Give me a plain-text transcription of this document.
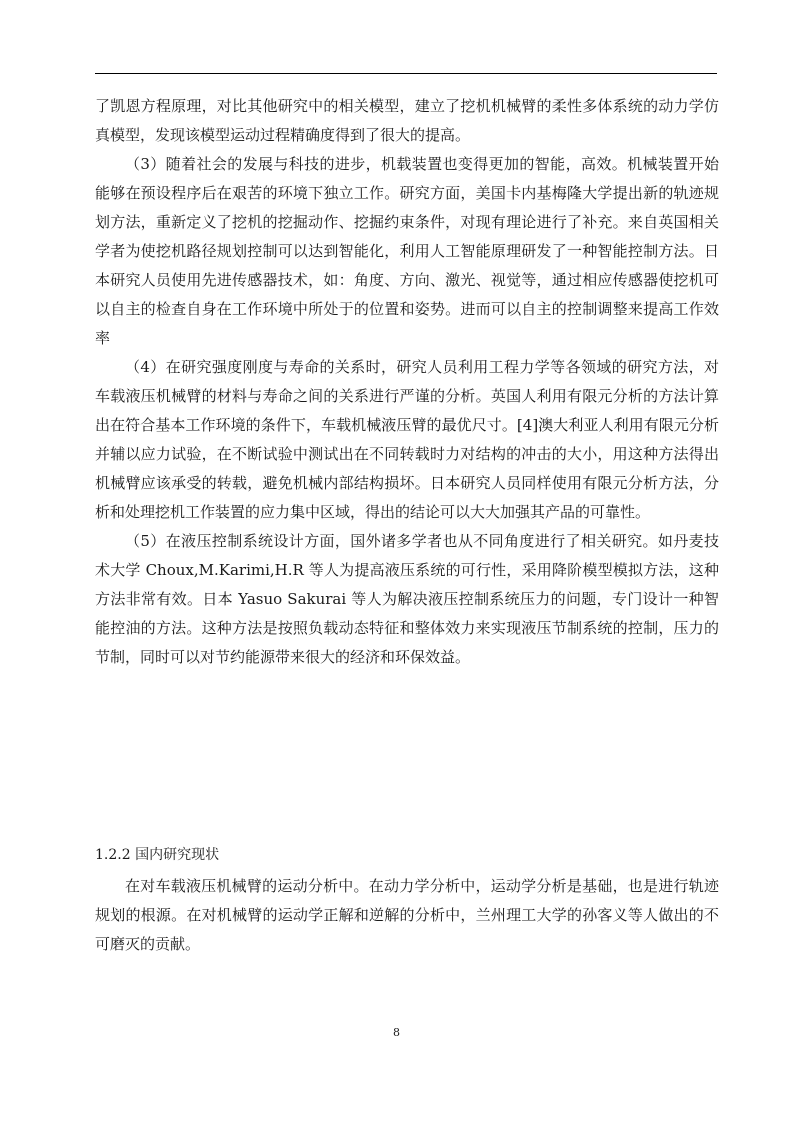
了凯恩方程原理，对比其他研究中的相关模型，建立了挖机机械臂的柔性多体系统的动力学仿真模型，发现该模型运动过程精确度得到了很大的提高。

（3）随着社会的发展与科技的进步，机载装置也变得更加的智能，高效。机械装置开始能够在预设程序后在艰苦的环境下独立工作。研究方面，美国卡内基梅隆大学提出新的轨迹规划方法，重新定义了挖机的挖掘动作、挖掘约束条件，对现有理论进行了补充。来自英国相关学者为使挖机路径规划控制可以达到智能化，利用人工智能原理研发了一种智能控制方法。日本研究人员使用先进传感器技术，如：角度、方向、激光、视觉等，通过相应传感器使挖机可以自主的检查自身在工作环境中所处于的位置和姿势。进而可以自主的控制调整来提高工作效率

（4）在研究强度刚度与寿命的关系时，研究人员利用工程力学等各领域的研究方法，对车载液压机械臂的材料与寿命之间的关系进行严谨的分析。英国人利用有限元分析的方法计算出在符合基本工作环境的条件下，车载机械液压臂的最优尺寸。[4]澳大利亚人利用有限元分析并辅以应力试验，在不断试验中测试出在不同转载时力对结构的冲击的大小，用这种方法得出机械臂应该承受的转载，避免机械内部结构损坏。日本研究人员同样使用有限元分析方法，分析和处理挖机工作装置的应力集中区域，得出的结论可以大大加强其产品的可靠性。

（5）在液压控制系统设计方面，国外诸多学者也从不同角度进行了相关研究。如丹麦技术大学 Choux,M.Karimi,H.R 等人为提高液压系统的可行性，采用降阶模型模拟方法，这种方法非常有效。日本 Yasuo Sakurai 等人为解决液压控制系统压力的问题，专门设计一种智能控油的方法。这种方法是按照负载动态特征和整体效力来实现液压节制系统的控制，压力的节制，同时可以对节约能源带来很大的经济和环保效益。

1.2.2 国内研究现状

在对车载液压机械臂的运动分析中。在动力学分析中，运动学分析是基础，也是进行轨迹规划的根源。在对机械臂的运动学正解和逆解的分析中，兰州理工大学的孙客义等人做出的不可磨灭的贡献。

8
